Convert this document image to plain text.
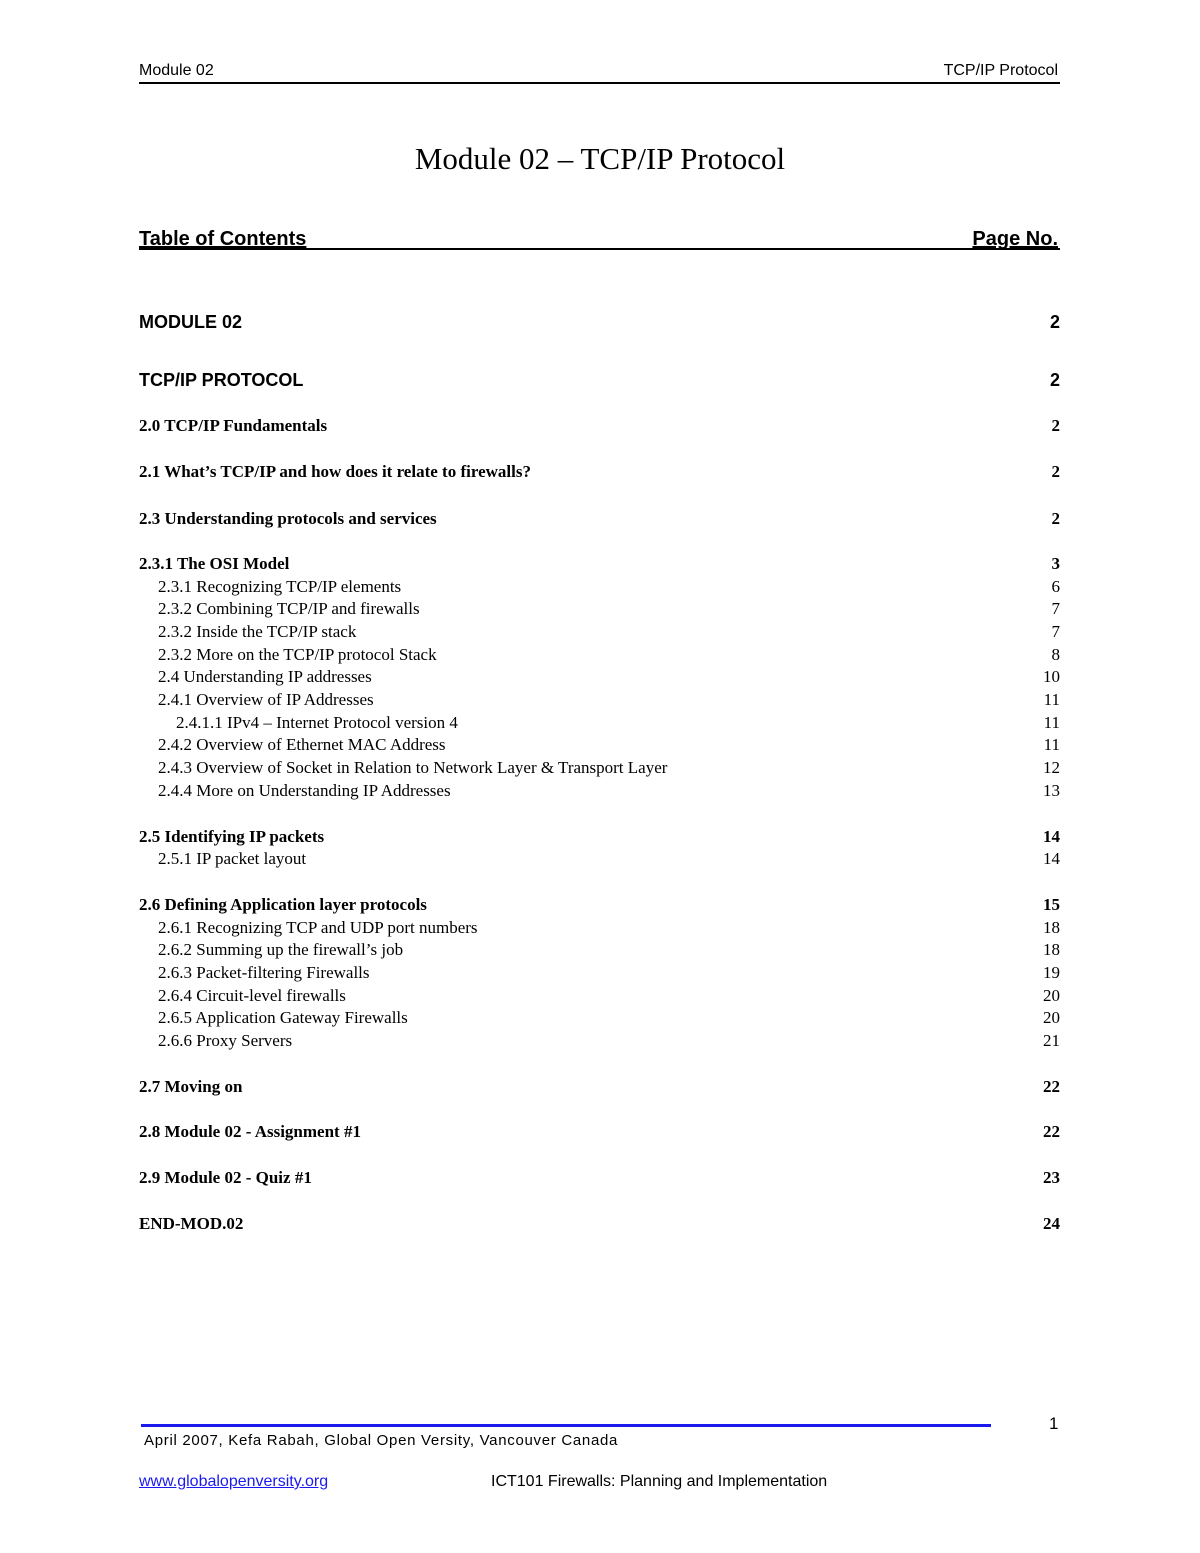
Module 02	TCP/IP Protocol
Module 02 – TCP/IP Protocol
Table of Contents	Page No.
MODULE 02	2
TCP/IP PROTOCOL	2
2.0 TCP/IP Fundamentals	2
2.1 What’s TCP/IP and how does it relate to firewalls?	2
2.3 Understanding protocols and services	2
2.3.1 The OSI Model	3
2.3.1 Recognizing TCP/IP elements	6
2.3.2 Combining TCP/IP and firewalls	7
2.3.2 Inside the TCP/IP stack	7
2.3.2 More on the TCP/IP protocol Stack	8
2.4 Understanding IP addresses	10
2.4.1 Overview of IP Addresses	11
2.4.1.1 IPv4 – Internet Protocol version 4	11
2.4.2 Overview of Ethernet MAC Address	11
2.4.3 Overview of Socket in Relation to Network Layer & Transport Layer	12
2.4.4 More on Understanding IP Addresses	13
2.5 Identifying IP packets	14
2.5.1 IP packet layout	14
2.6 Defining Application layer protocols	15
2.6.1 Recognizing TCP and UDP port numbers	18
2.6.2 Summing up the firewall’s job	18
2.6.3 Packet-filtering Firewalls	19
2.6.4 Circuit-level firewalls	20
2.6.5 Application Gateway Firewalls	20
2.6.6 Proxy Servers	21
2.7 Moving on	22
2.8 Module 02 - Assignment #1	22
2.9 Module 02 - Quiz #1	23
END-MOD.02	24
1
April 2007, Kefa Rabah, Global Open Versity, Vancouver Canada
www.globalopenversity.org	ICT101 Firewalls: Planning and Implementation
